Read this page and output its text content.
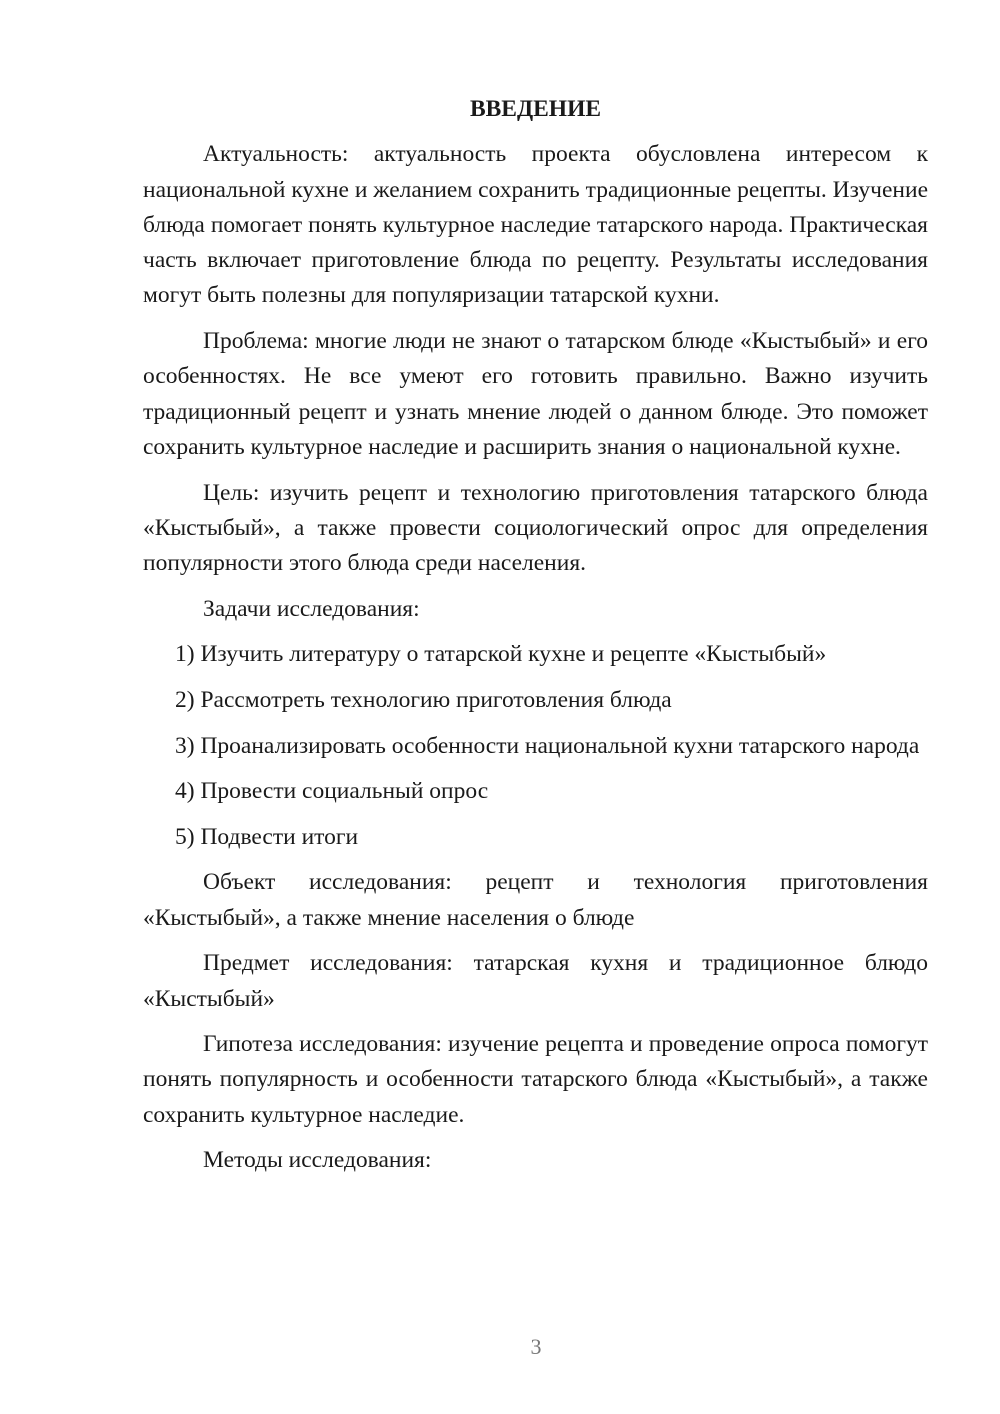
ВВЕДЕНИЕ

Актуальность: актуальность проекта обусловлена интересом к национальной кухне и желанием сохранить традиционные рецепты. Изучение блюда помогает понять культурное наследие татарского народа. Практическая часть включает приготовление блюда по рецепту. Результаты исследования могут быть полезны для популяризации татарской кухни.

Проблема: многие люди не знают о татарском блюде «Кыстыбый» и его особенностях. Не все умеют его готовить правильно. Важно изучить традиционный рецепт и узнать мнение людей о данном блюде. Это поможет сохранить культурное наследие и расширить знания о национальной кухне.

Цель: изучить рецепт и технологию приготовления татарского блюда «Кыстыбый», а также провести социологический опрос для определения популярности этого блюда среди населения.

Задачи исследования:

1) Изучить литературу о татарской кухне и рецепте «Кыстыбый»

2) Рассмотреть технологию приготовления блюда

3) Проанализировать особенности национальной кухни татарского народа

4) Провести социальный опрос

5) Подвести итоги

Объект исследования: рецепт и технология приготовления «Кыстыбый», а также мнение населения о блюде

Предмет исследования: татарская кухня и традиционное блюдо «Кыстыбый»

Гипотеза исследования: изучение рецепта и проведение опроса помогут понять популярность и особенности татарского блюда «Кыстыбый», а также сохранить культурное наследие.

Методы исследования:

3
